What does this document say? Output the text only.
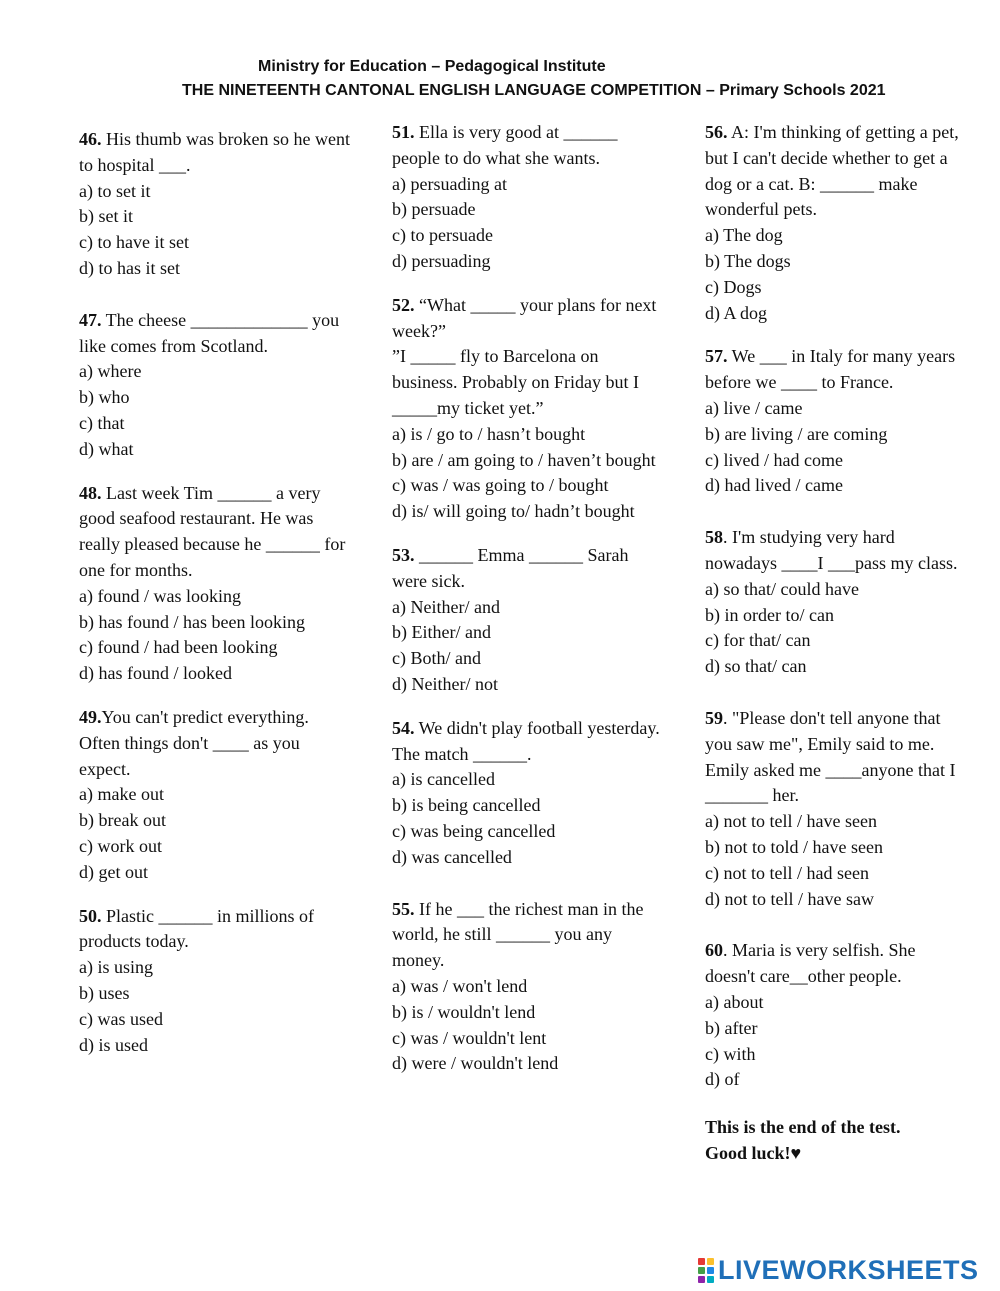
Ministry for Education – Pedagogical Institute
THE NINETEENTH CANTONAL ENGLISH LANGUAGE COMPETITION – Primary Schools 2021
46. His thumb was broken so he went to hospital ___.
a) to set it
b) set it
c) to have it set
d) to has it set
47. The cheese _____________ you like comes from Scotland.
a) where
b) who
c) that
d) what
48. Last week Tim ______ a very good seafood restaurant. He was really pleased because he ______ for one for months.
a) found / was looking
b) has found / has been looking
c) found / had been looking
d) has found / looked
49.You can't predict everything. Often things don't ____ as you expect.
a) make out
b) break out
c) work out
d) get out
50. Plastic ______ in millions of products today.
a) is using
b) uses
c) was used
d) is used
51. Ella is very good at ______ people to do what she wants.
a) persuading at
b) persuade
c) to persuade
d) persuading
52. “What _____ your plans for next week?”
”I _____ fly to Barcelona on business. Probably on Friday but I _____my ticket yet.”
a) is / go to / hasn’t bought
b) are / am going to / haven’t bought
c) was / was going to / bought
d) is/ will going to/ hadn’t bought
53. ______ Emma ______ Sarah were sick.
a) Neither/ and
b) Either/ and
c) Both/ and
d) Neither/ not
54. We didn't play football yesterday. The match ______.
a) is cancelled
b) is being cancelled
c) was being cancelled
d) was cancelled
55. If he ___ the richest man in the world, he still ______ you any money.
a) was / won't lend
b) is / wouldn't lend
c) was / wouldn't lent
d) were / wouldn't lend
56. A: I'm thinking of getting a pet, but I can't decide whether to get a dog or a cat. B: ______ make wonderful pets.
a) The dog
b) The dogs
c) Dogs
d) A dog
57. We ___ in Italy for many years before we ____ to France.
a) live / came
b) are living / are coming
c) lived / had come
d) had lived / came
58. I'm studying very hard nowadays ____I ___pass my class.
a) so that/ could have
b) in order to/ can
c) for that/ can
d) so that/ can
59. "Please don't tell anyone that you saw me", Emily said to me. Emily asked me ____anyone that I _______ her.
a) not to tell / have seen
b) not to told / have seen
c) not to tell / had seen
d) not to tell / have saw
60. Maria is very selfish. She doesn't care__other people.
a) about
b) after
c) with
d) of
This is the end of the test.
Good luck!♥
LIVEWORKSHEETS
